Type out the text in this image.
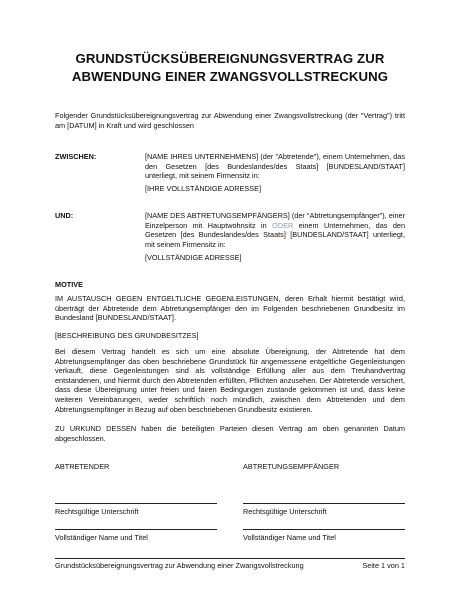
GRUNDSTÜCKSÜBEREIGNUNGSVERTRAG ZUR
ABWENDUNG EINER ZWANGSVOLLSTRECKUNG
Folgender Grundstücksübereignungsvertrag zur Abwendung einer Zwangsvollstreckung (der "Vertrag") tritt am [DATUM] in Kraft und wird geschlossen
ZWISCHEN:	[NAME IHRES UNTERNEHMENS] (der "Abtretende"), einem Unternehmen, das den Gesetzen [des Bundeslandes/des Staats] [BUNDESLAND/STAAT] unterliegt, mit seinem Firmensitz in:
[IHRE VOLLSTÄNDIGE ADRESSE]
UND:	[NAME DES ABTRETUNGSEMPFÄNGERS] (der "Abtretungsempfänger"), einer Einzelperson mit Hauptwohnsitz in ODER einem Unternehmen, das den Gesetzen [des Bundeslandes/des Staats] [BUNDESLAND/STAAT] unterliegt, mit seinem Firmensitz in:
[VOLLSTÄNDIGE ADRESSE]
MOTIVE
IM AUSTAUSCH GEGEN ENTGELTLICHE GEGENLEISTUNGEN, deren Erhalt hiermit bestätigt wird, überträgt der Abtretende dem Abtretungsempfänger den im Folgenden beschriebenen Grundbesitz im Bundesland [BUNDESLAND/STAAT].
[BESCHREIBUNG DES GRUNDBESITZES]
Bei diesem Vertrag handelt es sich um eine absolute Übereignung, der Abtretende hat dem Abtretungsempfänger das oben beschriebene Grundstück für angemessene entgeltliche Gegenleistungen verkauft, diese Gegenleistungen sind als vollständige Erfüllung aller aus dem Treuhandvertrag entstandenen, und hiermit durch den Abtretenden erfüllten, Pflichten anzusehen. Der Abtretende versichert, dass diese Übereignung unter freien und fairen Bedingungen zustande gekommen ist und, dass keine weiteren Vereinbarungen, weder schriftlich noch mündlich, zwischen dem Abtretenden und dem Abtretungsempfänger in Bezug auf oben beschriebenen Grundbesitz existieren.
ZU URKUND DESSEN haben die beteiligten Parteien diesen Vertrag am oben genannten Datum abgeschlossen.
ABTRETENDER	ABTRETUNGSEMPFÄNGER
Rechtsgültige Unterschrift	Rechtsgültige Unterschrift
Vollständiger Name und Titel	Vollständiger Name und Titel
Grundstücksübereignungsvertrag zur Abwendung einer Zwangsvollstreckung	Seite 1 von 1
